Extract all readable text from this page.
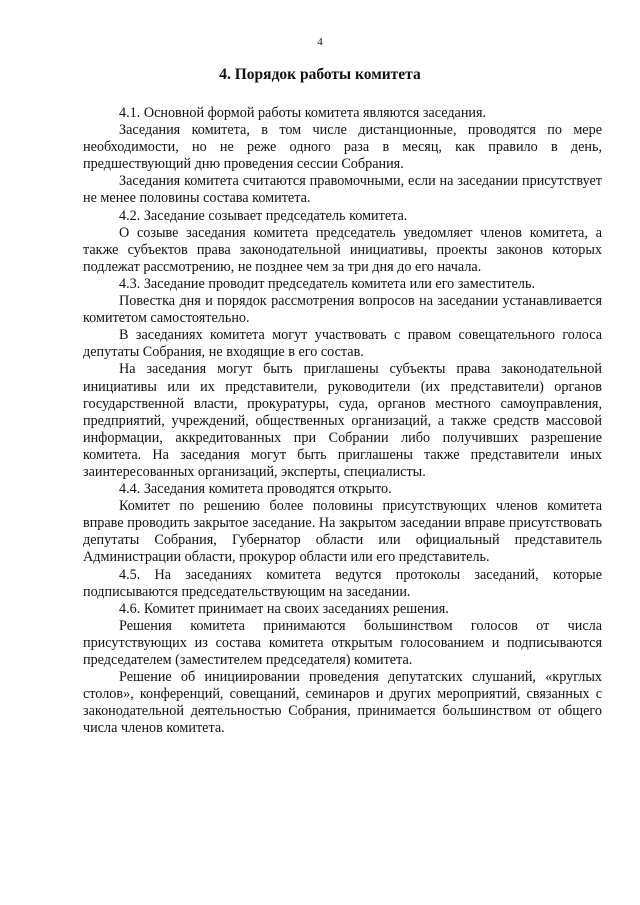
4
4. Порядок работы комитета

4.1. Основной формой работы комитета являются заседания.

Заседания комитета, в том числе дистанционные, проводятся по мере необходимости, но не реже одного раза в месяц, как правило в день, предшествующий дню проведения сессии Собрания.

Заседания комитета считаются правомочными, если на заседании присутствует не менее половины состава комитета.

4.2. Заседание созывает председатель комитета.

О созыве заседания комитета председатель уведомляет членов комитета, а также субъектов права законодательной инициативы, проекты законов которых подлежат рассмотрению, не позднее чем за три дня до его начала.

4.3. Заседание проводит председатель комитета или его заместитель.

Повестка дня и порядок рассмотрения вопросов на заседании устанавливается комитетом самостоятельно.

В заседаниях комитета могут участвовать с правом совещательного голоса депутаты Собрания, не входящие в его состав.

На заседания могут быть приглашены субъекты права законодательной инициативы или их представители, руководители (их представители) органов государственной власти, прокуратуры, суда, органов местного самоуправления, предприятий, учреждений, общественных организаций, а также средств массовой информации, аккредитованных при Собрании либо получивших разрешение комитета. На заседания могут быть приглашены также представители иных заинтересованных организаций, эксперты, специалисты.

4.4. Заседания комитета проводятся открыто.

Комитет по решению более половины присутствующих членов комитета вправе проводить закрытое заседание. На закрытом заседании вправе присутствовать депутаты Собрания, Губернатор области или официальный представитель Администрации области, прокурор области или его представитель.

4.5. На заседаниях комитета ведутся протоколы заседаний, которые подписываются председательствующим на заседании.

4.6. Комитет принимает на своих заседаниях решения.

Решения комитета принимаются большинством голосов от числа присутствующих из состава комитета открытым голосованием и подписываются председателем (заместителем председателя) комитета.

Решение об инициировании проведения депутатских слушаний, «круглых столов», конференций, совещаний, семинаров и других мероприятий, связанных с законодательной деятельностью Собрания, принимается большинством от общего числа членов комитета.
